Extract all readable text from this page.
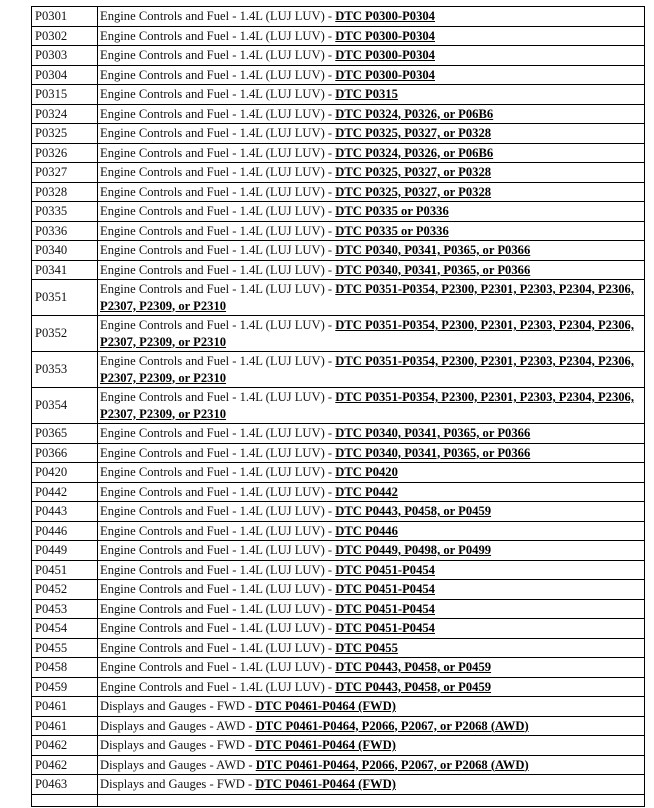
P0301	Engine Controls and Fuel - 1.4L (LUJ LUV) - DTC P0300-P0304
P0302	Engine Controls and Fuel - 1.4L (LUJ LUV) - DTC P0300-P0304
P0303	Engine Controls and Fuel - 1.4L (LUJ LUV) - DTC P0300-P0304
P0304	Engine Controls and Fuel - 1.4L (LUJ LUV) - DTC P0300-P0304
P0315	Engine Controls and Fuel - 1.4L (LUJ LUV) - DTC P0315
P0324	Engine Controls and Fuel - 1.4L (LUJ LUV) - DTC P0324, P0326, or P06B6
P0325	Engine Controls and Fuel - 1.4L (LUJ LUV) - DTC P0325, P0327, or P0328
P0326	Engine Controls and Fuel - 1.4L (LUJ LUV) - DTC P0324, P0326, or P06B6
P0327	Engine Controls and Fuel - 1.4L (LUJ LUV) - DTC P0325, P0327, or P0328
P0328	Engine Controls and Fuel - 1.4L (LUJ LUV) - DTC P0325, P0327, or P0328
P0335	Engine Controls and Fuel - 1.4L (LUJ LUV) - DTC P0335 or P0336
P0336	Engine Controls and Fuel - 1.4L (LUJ LUV) - DTC P0335 or P0336
P0340	Engine Controls and Fuel - 1.4L (LUJ LUV) - DTC P0340, P0341, P0365, or P0366
P0341	Engine Controls and Fuel - 1.4L (LUJ LUV) - DTC P0340, P0341, P0365, or P0366
P0351	Engine Controls and Fuel - 1.4L (LUJ LUV) - DTC P0351-P0354, P2300, P2301, P2303, P2304, P2306, P2307, P2309, or P2310
P0352	Engine Controls and Fuel - 1.4L (LUJ LUV) - DTC P0351-P0354, P2300, P2301, P2303, P2304, P2306, P2307, P2309, or P2310
P0353	Engine Controls and Fuel - 1.4L (LUJ LUV) - DTC P0351-P0354, P2300, P2301, P2303, P2304, P2306, P2307, P2309, or P2310
P0354	Engine Controls and Fuel - 1.4L (LUJ LUV) - DTC P0351-P0354, P2300, P2301, P2303, P2304, P2306, P2307, P2309, or P2310
P0365	Engine Controls and Fuel - 1.4L (LUJ LUV) - DTC P0340, P0341, P0365, or P0366
P0366	Engine Controls and Fuel - 1.4L (LUJ LUV) - DTC P0340, P0341, P0365, or P0366
P0420	Engine Controls and Fuel - 1.4L (LUJ LUV) - DTC P0420
P0442	Engine Controls and Fuel - 1.4L (LUJ LUV) - DTC P0442
P0443	Engine Controls and Fuel - 1.4L (LUJ LUV) - DTC P0443, P0458, or P0459
P0446	Engine Controls and Fuel - 1.4L (LUJ LUV) - DTC P0446
P0449	Engine Controls and Fuel - 1.4L (LUJ LUV) - DTC P0449, P0498, or P0499
P0451	Engine Controls and Fuel - 1.4L (LUJ LUV) - DTC P0451-P0454
P0452	Engine Controls and Fuel - 1.4L (LUJ LUV) - DTC P0451-P0454
P0453	Engine Controls and Fuel - 1.4L (LUJ LUV) - DTC P0451-P0454
P0454	Engine Controls and Fuel - 1.4L (LUJ LUV) - DTC P0451-P0454
P0455	Engine Controls and Fuel - 1.4L (LUJ LUV) - DTC P0455
P0458	Engine Controls and Fuel - 1.4L (LUJ LUV) - DTC P0443, P0458, or P0459
P0459	Engine Controls and Fuel - 1.4L (LUJ LUV) - DTC P0443, P0458, or P0459
P0461	Displays and Gauges - FWD - DTC P0461-P0464 (FWD)
P0461	Displays and Gauges - AWD - DTC P0461-P0464, P2066, P2067, or P2068 (AWD)
P0462	Displays and Gauges - FWD - DTC P0461-P0464 (FWD)
P0462	Displays and Gauges - AWD - DTC P0461-P0464, P2066, P2067, or P2068 (AWD)
P0463	Displays and Gauges - FWD - DTC P0461-P0464 (FWD)
